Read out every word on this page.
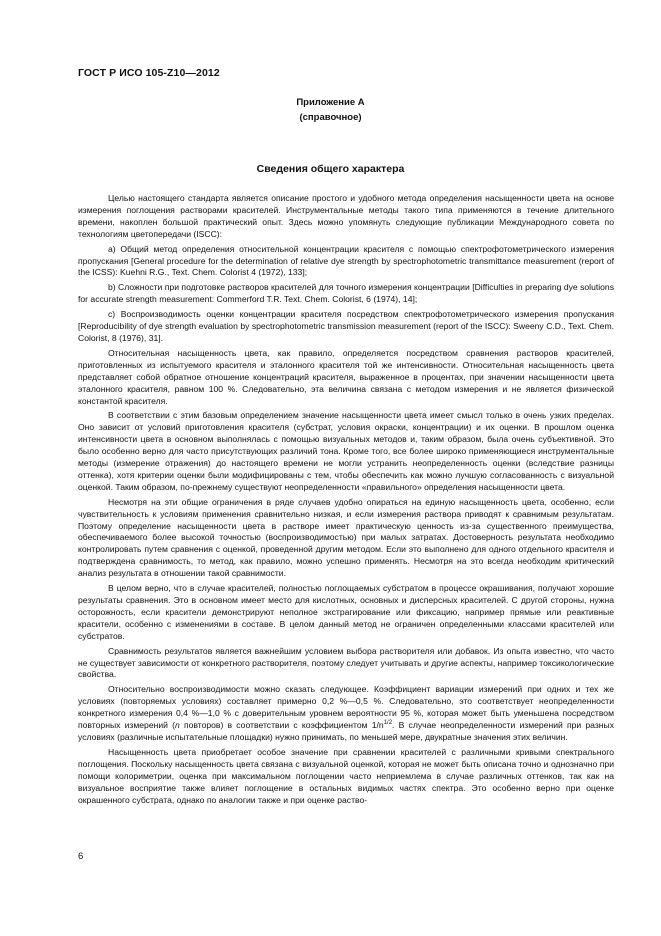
ГОСТ Р ИСО 105-Z10—2012
Приложение А
(справочное)
Сведения общего характера

Целью настоящего стандарта является описание простого и удобного метода определения насыщенности цвета на основе измерения поглощения растворами красителей. Инструментальные методы такого типа применяются в течение длительного времени, накоплен большой практический опыт. Здесь можно упомянуть следующие публикации Международного совета по технологиям цветопередачи (ISCC):

a) Общий метод определения относительной концентрации красителя с помощью спектрофотометрического измерения пропускания [General procedure for the determination of relative dye strength by spectrophotometric transmittance measurement (report of the ICSS): Kuehni R.G., Text. Chem. Colorist 4 (1972), 133];

b) Сложности при подготовке растворов красителей для точного измерения концентрации [Difficulties in preparing dye solutions for accurate strength measurement: Commerford T.R. Text. Chem. Colorist, 6 (1974), 14];

c) Воспроизводимость оценки концентрации красителя посредством спектрофотометрического измерения пропускания [Reproducibility of dye strength evaluation by spectrophotometric transmission measurement (report of the ISCC): Sweeny C.D., Text. Chem. Colorist, 8 (1976), 31].

Относительная насыщенность цвета, как правило, определяется посредством сравнения растворов красителей, приготовленных из испытуемого красителя и эталонного красителя той же интенсивности. Относительная насыщенность цвета представляет собой обратное отношение концентраций красителя, выраженное в процентах, при значении насыщенности цвета эталонного красителя, равном 100 %. Следовательно, эта величина связана с методом измерения и не является физической константой красителя.

В соответствии с этим базовым определением значение насыщенности цвета имеет смысл только в очень узких пределах. Оно зависит от условий приготовления красителя (субстрат, условия окраски, концентрации) и их оценки. В прошлом оценка интенсивности цвета в основном выполнялась с помощью визуальных методов и, таким образом, была очень субъективной. Это было особенно верно для часто присутствующих различий тона. Кроме того, все более широко применяющиеся инструментальные методы (измерение отражения) до настоящего времени не могли устранить неопределенность оценки (вследствие разницы оттенка), хотя критерии оценки были модифицированы с тем, чтобы обеспечить как можно лучшую согласованность с визуальной оценкой. Таким образом, по-прежнему существуют неопределенности «правильного» определения насыщенности цвета.

Несмотря на эти общие ограничения в ряде случаев удобно опираться на единую насыщенность цвета, особенно, если чувствительность к условиям применения сравнительно низкая, и если измерения раствора приводят к сравнимым результатам. Поэтому определение насыщенности цвета в растворе имеет практическую ценность из-за существенного преимущества, обеспечиваемого более высокой точностью (воспроизводимостью) при малых затратах. Достоверность результата необходимо контролировать путем сравнения с оценкой, проведенной другим методом. Если это выполнено для одного отдельного красителя и подтверждена сравнимость, то метод, как правило, можно успешно применять. Несмотря на это всегда необходим критический анализ результата в отношении такой сравнимости.

В целом верно, что в случае красителей, полностью поглощаемых субстратом в процессе окрашивания, получают хорошие результаты сравнения. Это в основном имеет место для кислотных, основных и дисперсных красителей. С другой стороны, нужна осторожность, если красители демонстрируют неполное экстрагирование или фиксацию, например прямые или реактивные красители, особенно с изменениями в составе. В целом данный метод не ограничен определенными классами красителей или субстратов.

Сравнимость результатов является важнейшим условием выбора растворителя или добавок. Из опыта известно, что часто не существует зависимости от конкретного растворителя, поэтому следует учитывать и другие аспекты, например токсикологические свойства.

Относительно воспроизводимости можно сказать следующее. Коэффициент вариации измерений при одних и тех же условиях (повторяемых условиях) составляет примерно 0,2 %—0,5 %. Следовательно, это соответствует неопределенности конкретного измерения 0,4 %—1,0 % с доверительным уровнем вероятности 95 %, которая может быть уменьшена посредством повторных измерений (n повторов) в соответствии с коэффициентом $1/n^{1/2}$. В случае неопределенности измерений при разных условиях (различные испытательные площадки) нужно принимать, по меньшей мере, двукратные значения этих величин.

Насыщенность цвета приобретает особое значение при сравнении красителей с различными кривыми спектрального поглощения. Поскольку насыщенность цвета связана с визуальной оценкой, которая не может быть описана точно и однозначно при помощи колориметрии, оценка при максимальном поглощении часто неприемлема в случае различных оттенков, так как на визуальное восприятие также влияет поглощение в остальных видимых частях спектра. Это особенно верно при оценке окрашенного субстрата, однако по аналогии также и при оценке раство-

6
